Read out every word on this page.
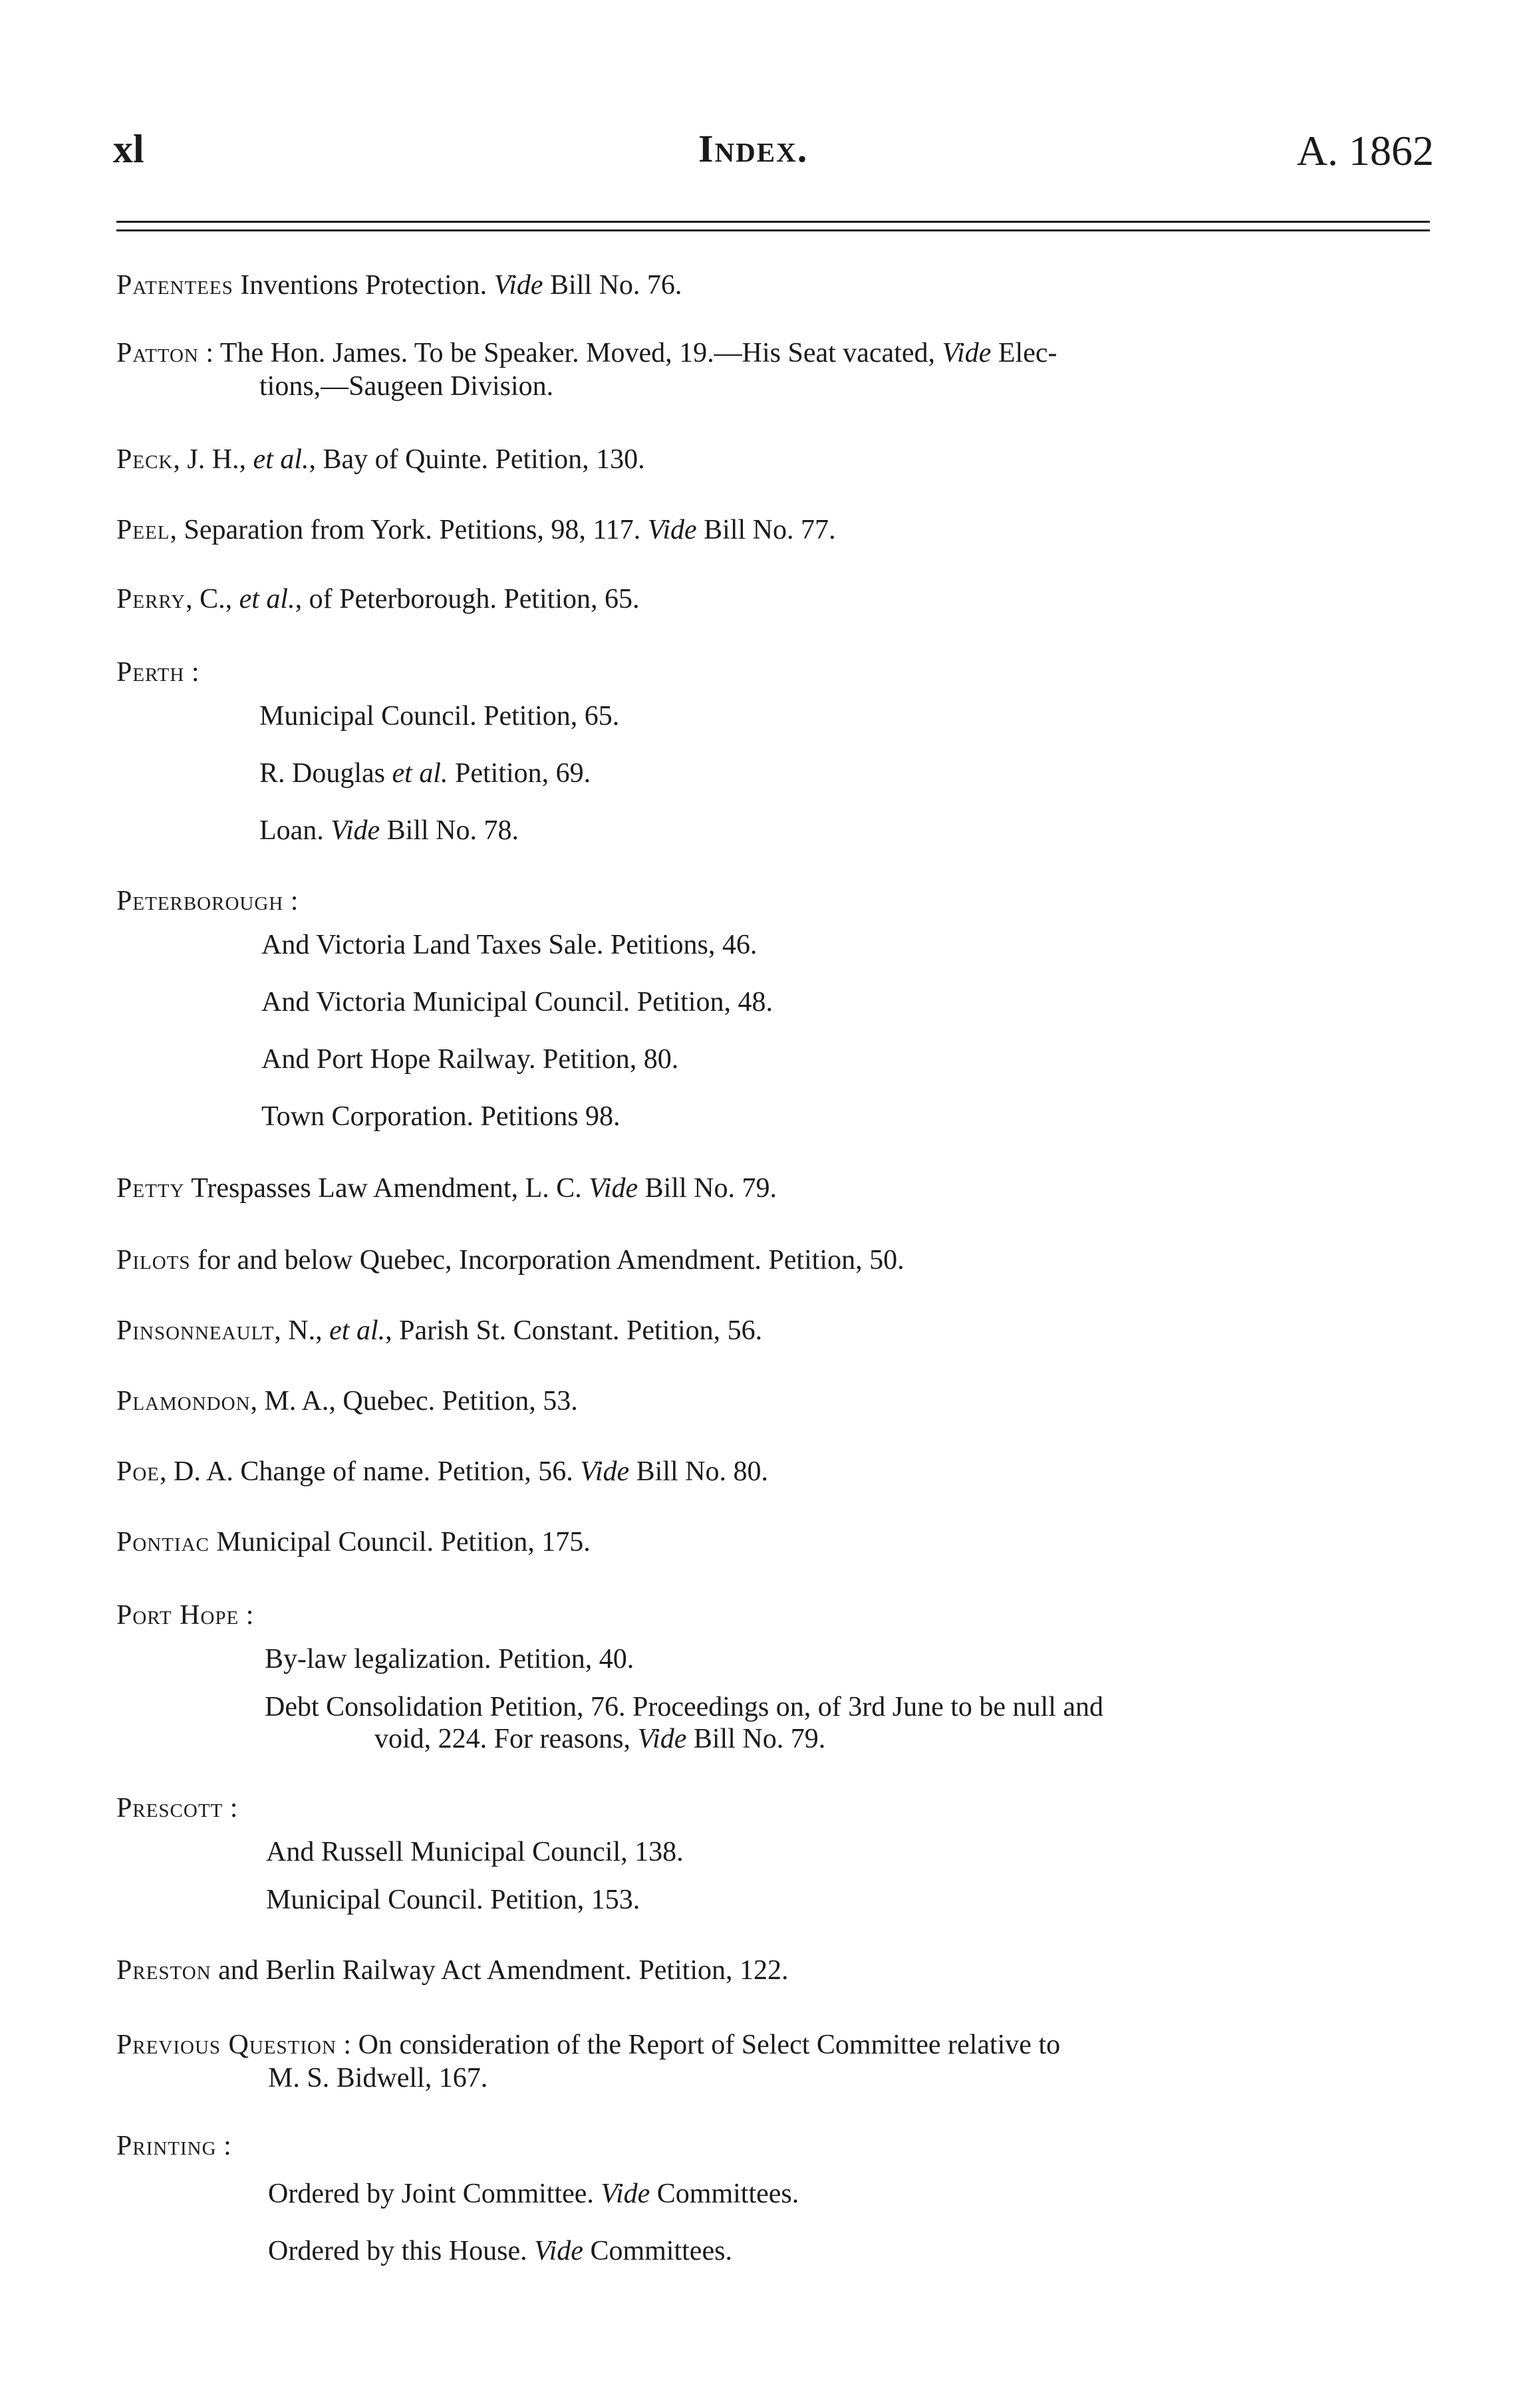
xl	Index.	A. 1862
Patentees Inventions Protection. Vide Bill No. 76.
Patton : The Hon. James. To be Speaker. Moved, 19.—His Seat vacated, Vide Elec-
tions,—Saugeen Division.
Peck, J. H., et al., Bay of Quinte. Petition, 130.
Peel, Separation from York. Petitions, 98, 117. Vide Bill No. 77.
Perry, C., et al., of Peterborough. Petition, 65.
Perth :
Municipal Council. Petition, 65.
R. Douglas et al. Petition, 69.
Loan. Vide Bill No. 78.
Peterborough :
And Victoria Land Taxes Sale. Petitions, 46.
And Victoria Municipal Council. Petition, 48.
And Port Hope Railway. Petition, 80.
Town Corporation. Petitions 98.
Petty Trespasses Law Amendment, L. C. Vide Bill No. 79.
Pilots for and below Quebec, Incorporation Amendment. Petition, 50.
Pinsonneault, N., et al., Parish St. Constant. Petition, 56.
Plamondon, M. A., Quebec. Petition, 53.
Poe, D. A. Change of name. Petition, 56. Vide Bill No. 80.
Pontiac Municipal Council. Petition, 175.
Port Hope :
By-law legalization. Petition, 40.
Debt Consolidation Petition, 76. Proceedings on, of 3rd June to be null and
void, 224. For reasons, Vide Bill No. 79.
Prescott :
And Russell Municipal Council, 138.
Municipal Council. Petition, 153.
Preston and Berlin Railway Act Amendment. Petition, 122.
Previous Question : On consideration of the Report of Select Committee relative to
M. S. Bidwell, 167.
Printing :
Ordered by Joint Committee. Vide Committees.
Ordered by this House. Vide Committees.
